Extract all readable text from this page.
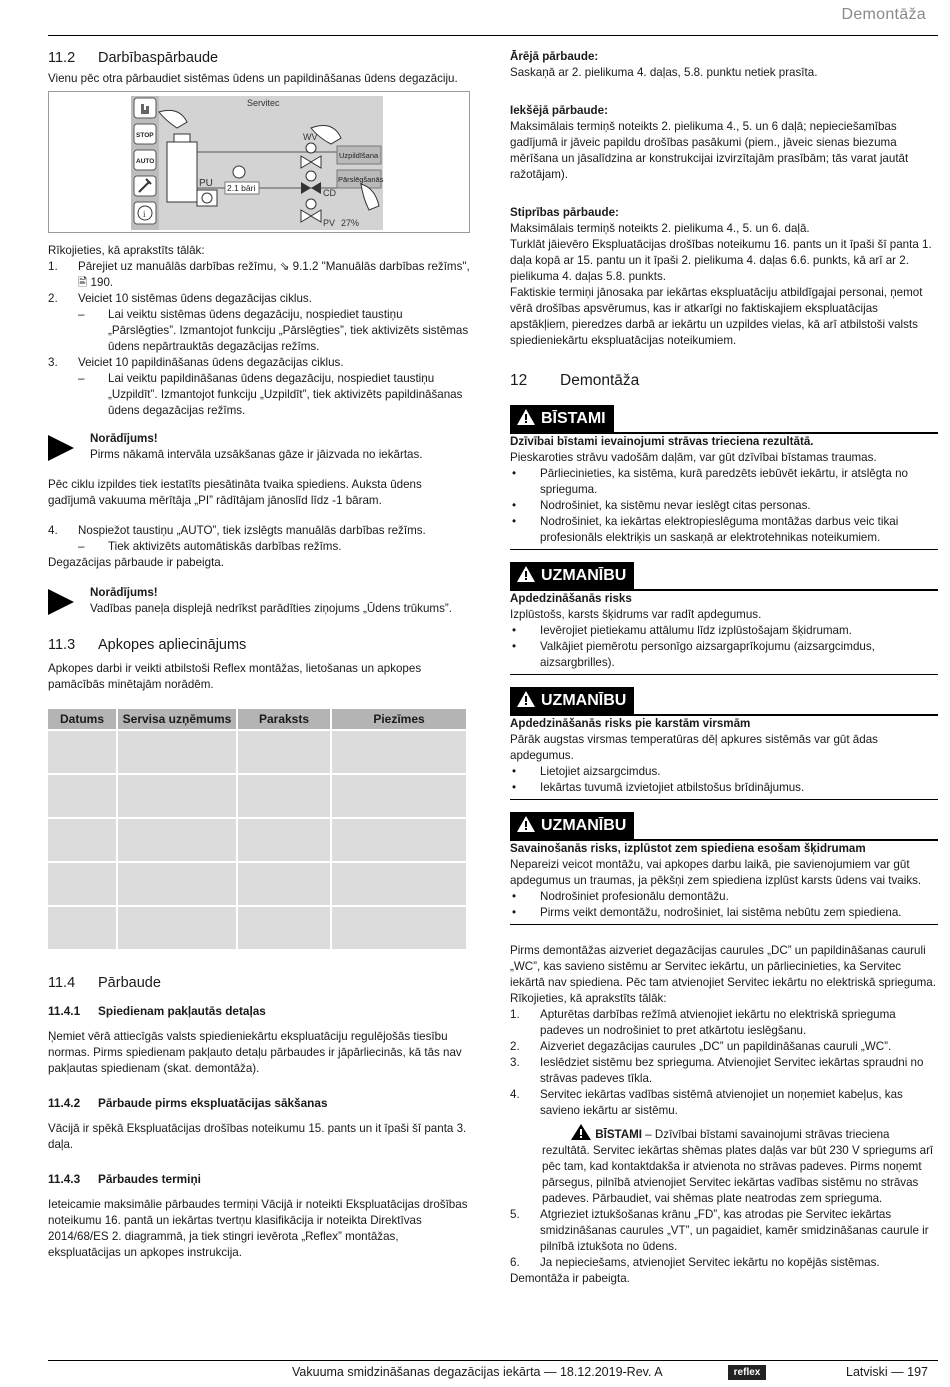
Demontāža
11.2 Darbībaspārbaude

Vienu pēc otra pārbaudiet sistēmas ūdens un papildināšanas ūdens degazāciju.

Servitec
STOP
AUTO
i
PU 2.1 bāri
WV
CD
PV 27%
Uzpildīšana
Pārslēgšanās

Rīkojieties, kā aprakstīts tālāk:

1. Pārejiet uz manuālās darbības režīmu, ⇘ 9.1.2 "Manuālās darbības režīms", 🖹 190.
2. Veiciet 10 sistēmas ūdens degazācijas ciklus.
– Lai veiktu sistēmas ūdens degazāciju, nospiediet taustiņu „Pārslēgties”. Izmantojot funkciju „Pārslēgties”, tiek aktivizēts sistēmas ūdens nepārtrauktās degazācijas režīms.
3. Veiciet 10 papildināšanas ūdens degazācijas ciklus.
– Lai veiktu papildināšanas ūdens degazāciju, nospiediet taustiņu „Uzpildīt”. Izmantojot funkciju „Uzpildīt”, tiek aktivizēts papildināšanas ūdens degazācijas režīms.
Norādījums!
Pirms nākamā intervāla uzsākšanas gāze ir jāizvada no iekārtas.

Pēc ciklu izpildes tiek iestatīts piesātināta tvaika spiediens. Auksta ūdens gadījumā vakuuma mērītāja „PI” rādītājam jānoslīd līdz -1 bāram.

4. Nospiežot taustiņu „AUTO”, tiek izslēgts manuālās darbības režīms.
– Tiek aktivizēts automātiskās darbības režīms.

Degazācijas pārbaude ir pabeigta.

Norādījums!
Vadības paneļa displejā nedrīkst parādīties ziņojums „Ūdens trūkums”.
11.3 Apkopes apliecinājums

Apkopes darbi ir veikti atbilstoši Reflex montāžas, lietošanas un apkopes pamācībās minētajām norādēm.

Datums	Servisa uzņēmums	Paraksts	Piezīmes

11.4 Pārbaude
11.4.1 Spiedienam pakļautās detaļas

Ņemiet vērā attiecīgās valsts spiedieniekārtu ekspluatāciju regulējošās tiesību normas. Pirms spiedienam pakļauto detaļu pārbaudes ir jāpārliecinās, kā tās nav pakļautas spiedienam (skat. demontāža).

11.4.2 Pārbaude pirms ekspluatācijas sākšanas

Vācijā ir spēkā Ekspluatācijas drošības noteikumu 15. pants un it īpaši šī panta 3. daļa.

11.4.3 Pārbaudes termiņi

Ieteicamie maksimālie pārbaudes termiņi Vācijā ir noteikti Ekspluatācijas drošības noteikumu 16. pantā un iekārtas tvertņu klasifikācija ir noteikta Direktīvas 2014/68/ES 2. diagrammā, ja tiek stingri ievērota „Reflex” montāžas, ekspluatācijas un apkopes instrukcija.

Ārējā pārbaude:

Saskaņā ar 2. pielikuma 4. daļas, 5.8. punktu netiek prasīta.

Iekšējā pārbaude:

Maksimālais termiņš noteikts 2. pielikuma 4., 5. un 6 daļā; nepieciešamības gadījumā ir jāveic papildu drošības pasākumi (piem., jāveic sienas biezuma mērīšana un jāsalīdzina ar konstrukcijai izvirzītajām prasībām; tās varat jautāt ražotājam).

Stiprības pārbaude:

Maksimālais termiņš noteikts 2. pielikuma 4., 5. un 6. daļā.

Turklāt jāievēro Ekspluatācijas drošības noteikumu 16. pants un it īpaši šī panta 1. daļa kopā ar 15. pantu un it īpaši 2. pielikuma 4. daļas 6.6. punkts, kā arī ar 2. pielikuma 4. daļas 5.8. punkts.

Faktiskie termiņi jānosaka par iekārtas ekspluatāciju atbildīgajai personai, ņemot vērā drošības apsvērumus, kas ir atkarīgi no faktiskajiem ekspluatācijas apstākļiem, pieredzes darbā ar iekārtu un uzpildes vielas, kā arī atbilstoši valsts spiedieniekārtu ekspluatācijas noteikumiem.

12 Demontāža
BĪSTAMI
Dzīvībai bīstami ievainojumi strāvas trieciena rezultātā.

Pieskaroties strāvu vadošām daļām, var gūt dzīvībai bīstamas traumas.

• Pārliecinieties, ka sistēma, kurā paredzēts iebūvēt iekārtu, ir atslēgta no sprieguma.
• Nodrošiniet, ka sistēmu nevar ieslēgt citas personas.
• Nodrošiniet, ka iekārtas elektropieslēguma montāžas darbus veic tikai profesionāls elektriķis un saskaņā ar elektrotehnikas noteikumiem.
UZMANĪBU
Apdedzināšanās risks

Izplūstošs, karsts šķidrums var radīt apdegumus.

• Ievērojiet pietiekamu attālumu līdz izplūstošajam šķidrumam.
• Valkājiet piemērotu personīgo aizsargaprīkojumu (aizsargcimdus, aizsargbrilles).
UZMANĪBU
Apdedzināšanās risks pie karstām virsmām

Pārāk augstas virsmas temperatūras dēļ apkures sistēmās var gūt ādas apdegumus.

• Lietojiet aizsargcimdus.
• Iekārtas tuvumā izvietojiet atbilstošus brīdinājumus.
UZMANĪBU
Savainošanās risks, izplūstot zem spiediena esošam šķidrumam

Nepareizi veicot montāžu, vai apkopes darbu laikā, pie savienojumiem var gūt apdegumus un traumas, ja pēkšņi zem spiediena izplūst karsts ūdens vai tvaiks.

• Nodrošiniet profesionālu demontāžu.
• Pirms veikt demontāžu, nodrošiniet, lai sistēma nebūtu zem spiediena.

Pirms demontāžas aizveriet degazācijas caurules „DC” un papildināšanas cauruli „WC”, kas savieno sistēmu ar Servitec iekārtu, un pārliecinieties, ka Servitec iekārtā nav spiediena. Pēc tam atvienojiet Servitec iekārtu no elektriskā sprieguma.

Rīkojieties, kā aprakstīts tālāk:

1. Apturētas darbības režīmā atvienojiet iekārtu no elektriskā sprieguma padeves un nodrošiniet to pret atkārtotu ieslēgšanu.
2. Aizveriet degazācijas caurules „DC” un papildināšanas cauruli „WC”.
3. Ieslēdziet sistēmu bez sprieguma. Atvienojiet Servitec iekārtas spraudni no strāvas padeves tīkla.
4. Servitec iekārtas vadības sistēmā atvienojiet un noņemiet kabeļus, kas savieno iekārtu ar sistēmu.
BĪSTAMI – Dzīvībai bīstami savainojumi strāvas trieciena rezultātā. Servitec iekārtas shēmas plates daļās var būt 230 V spriegums arī pēc tam, kad kontaktdakša ir atvienota no strāvas padeves. Pirms noņemt pārsegus, pilnībā atvienojiet Servitec iekārtas vadības sistēmu no strāvas padeves. Pārbaudiet, vai shēmas plate neatrodas zem sprieguma.
5. Atgrieziet iztukšošanas krānu „FD”, kas atrodas pie Servitec iekārtas smidzināšanas caurules „VT”, un pagaidiet, kamēr smidzināšanas caurule ir pilnībā iztukšota no ūdens.
6. Ja nepieciešams, atvienojiet Servitec iekārtu no kopējās sistēmas.

Demontāža ir pabeigta.

Vakuuma smidzināšanas degazācijas iekārta — 18.12.2019-Rev. A	reflex	Latviski — 197
